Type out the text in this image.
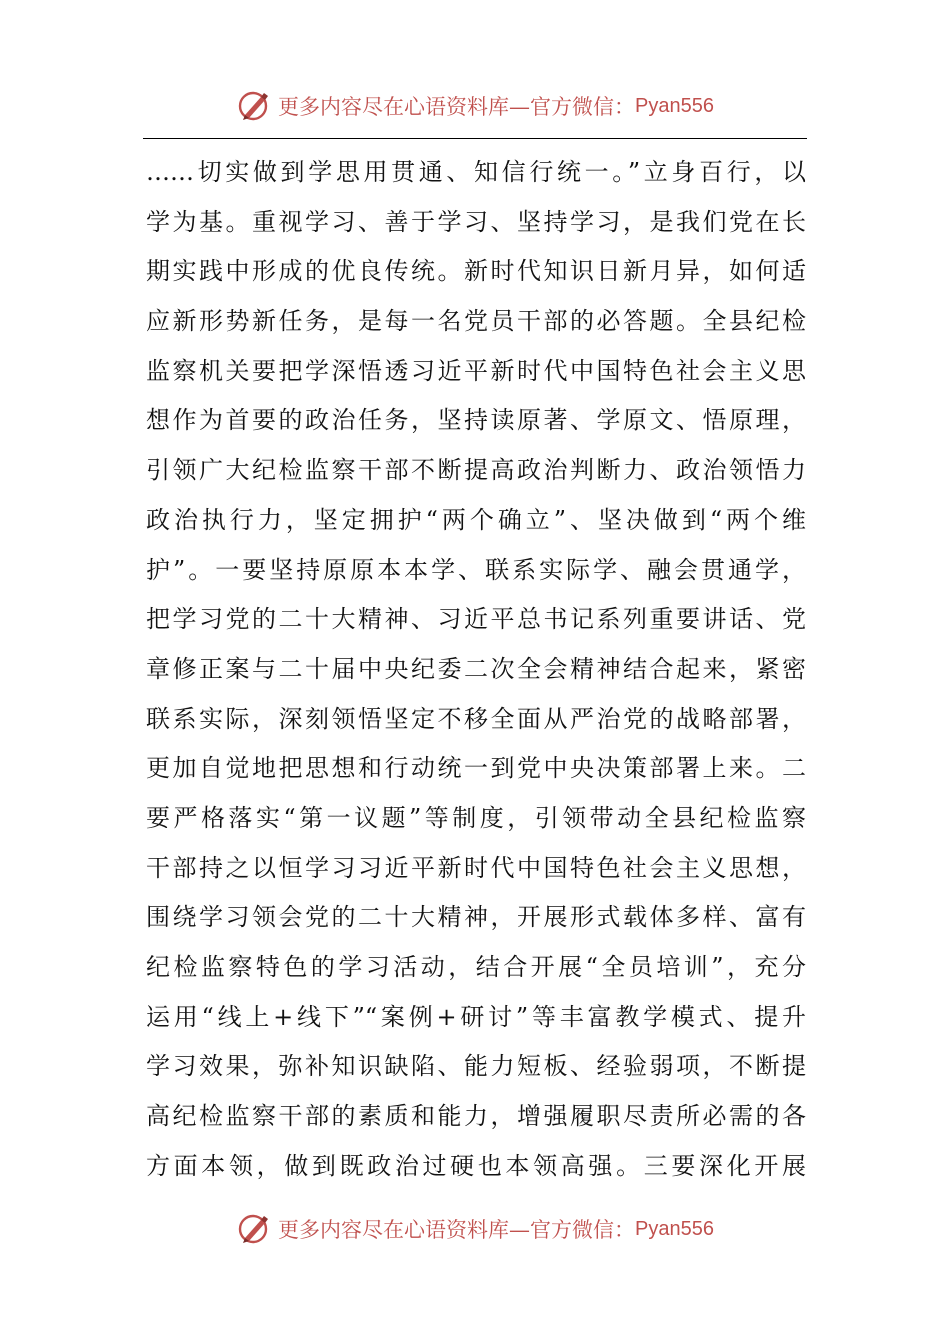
更多内容尽在心语资料库—官方微信： Pyan556
……切实做到学思用贯通、知信行统一。”立身百行，以
学为基。重视学习、善于学习、坚持学习，是我们党在长
期实践中形成的优良传统。新时代知识日新月异，如何适
应新形势新任务，是每一名党员干部的必答题。全县纪检
监察机关要把学深悟透习近平新时代中国特色社会主义思
想作为首要的政治任务，坚持读原著、学原文、悟原理，
引领广大纪检监察干部不断提高政治判断力、政治领悟力
政治执行力，坚定拥护“两个确立”、坚决做到“两个维
护”。一要坚持原原本本学、联系实际学、融会贯通学，
把学习党的二十大精神、习近平总书记系列重要讲话、党
章修正案与二十届中央纪委二次全会精神结合起来，紧密
联系实际，深刻领悟坚定不移全面从严治党的战略部署，
更加自觉地把思想和行动统一到党中央决策部署上来。二
要严格落实“第一议题”等制度，引领带动全县纪检监察
干部持之以恒学习习近平新时代中国特色社会主义思想，
围绕学习领会党的二十大精神，开展形式载体多样、富有
纪检监察特色的学习活动，结合开展“全员培训”，充分
运用“线上+线下”“案例+研讨”等丰富教学模式、提升
学习效果，弥补知识缺陷、能力短板、经验弱项，不断提
高纪检监察干部的素质和能力，增强履职尽责所必需的各
方面本领，做到既政治过硬也本领高强。三要深化开展
更多内容尽在心语资料库—官方微信： Pyan556
